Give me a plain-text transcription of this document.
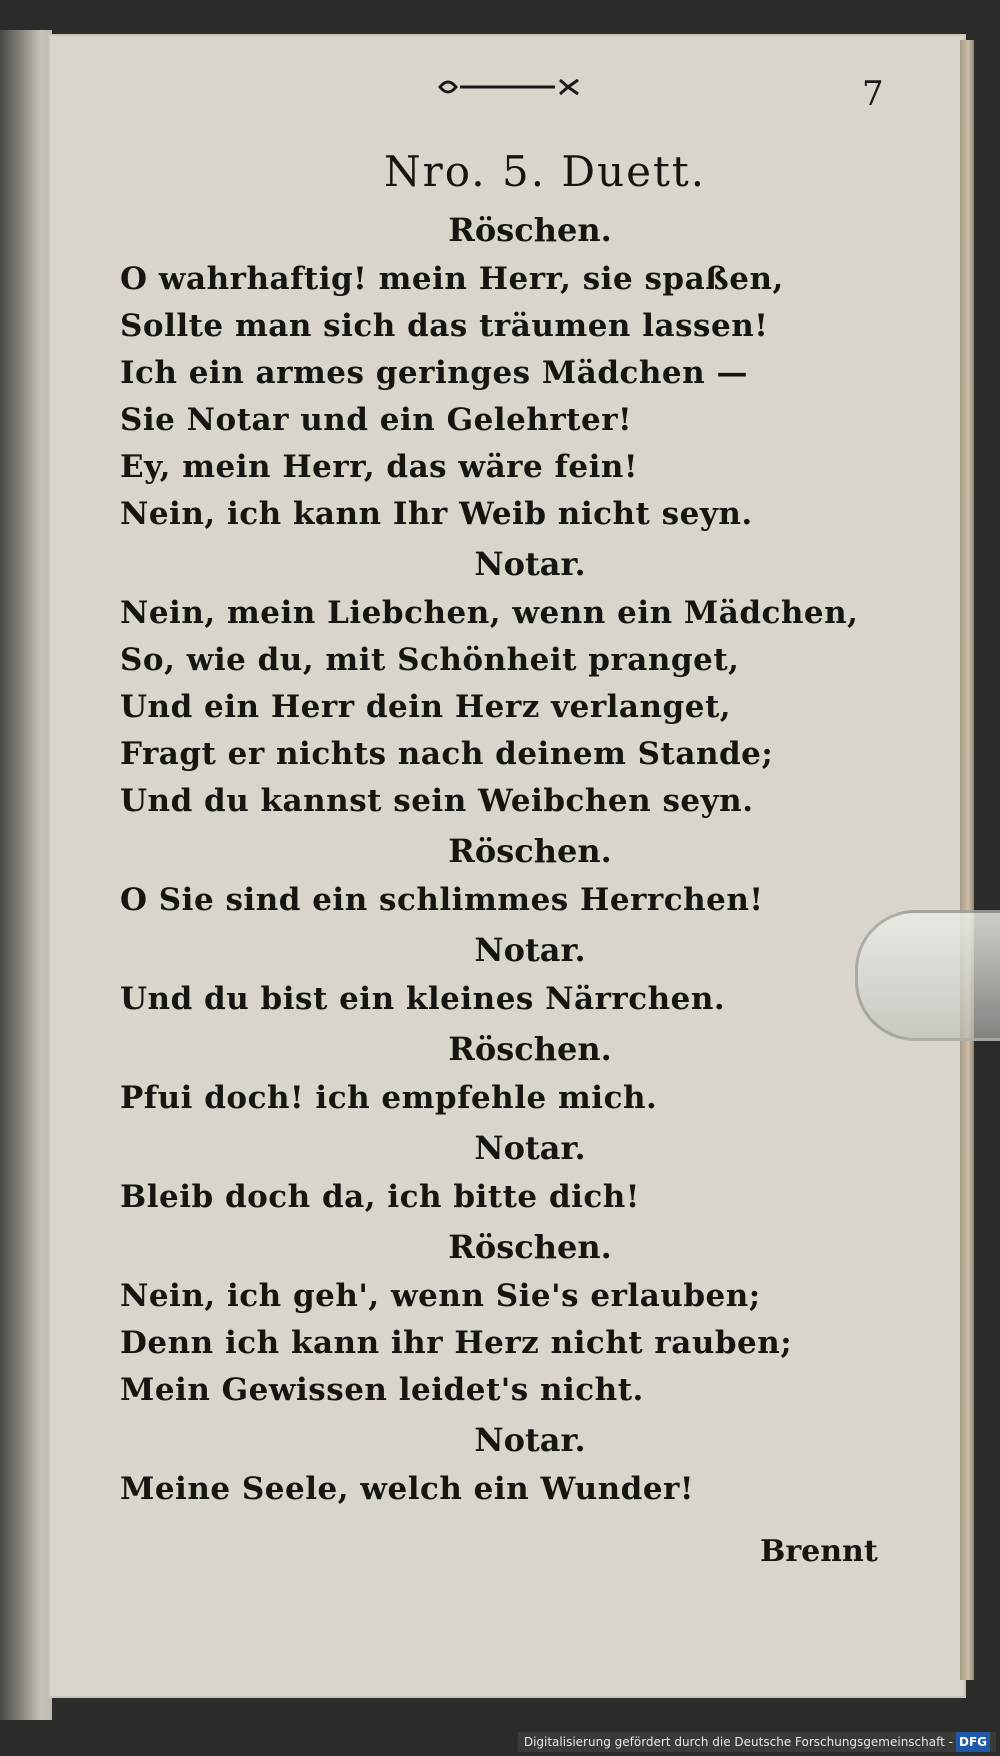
7
Nro. 5. Duett.
Röschen.
O wahrhaftig! mein Herr, sie spaßen,
Sollte man sich das träumen lassen!
Ich ein armes geringes Mädchen —
Sie Notar und ein Gelehrter!
Ey, mein Herr, das wäre fein!
Nein, ich kann Ihr Weib nicht seyn.
Notar.
Nein, mein Liebchen, wenn ein Mädchen,
So, wie du, mit Schönheit pranget,
Und ein Herr dein Herz verlanget,
Fragt er nichts nach deinem Stande;
Und du kannst sein Weibchen seyn.
Röschen.
O Sie sind ein schlimmes Herrchen!
Notar.
Und du bist ein kleines Närrchen.
Röschen.
Pfui doch! ich empfehle mich.
Notar.
Bleib doch da, ich bitte dich!
Röschen.
Nein, ich geh', wenn Sie's erlauben;
Denn ich kann ihr Herz nicht rauben;
Mein Gewissen leidet's nicht.
Notar.
Meine Seele, welch ein Wunder!
Brennt
Digitalisierung gefördert durch die Deutsche Forschungsgemeinschaft - DFG
